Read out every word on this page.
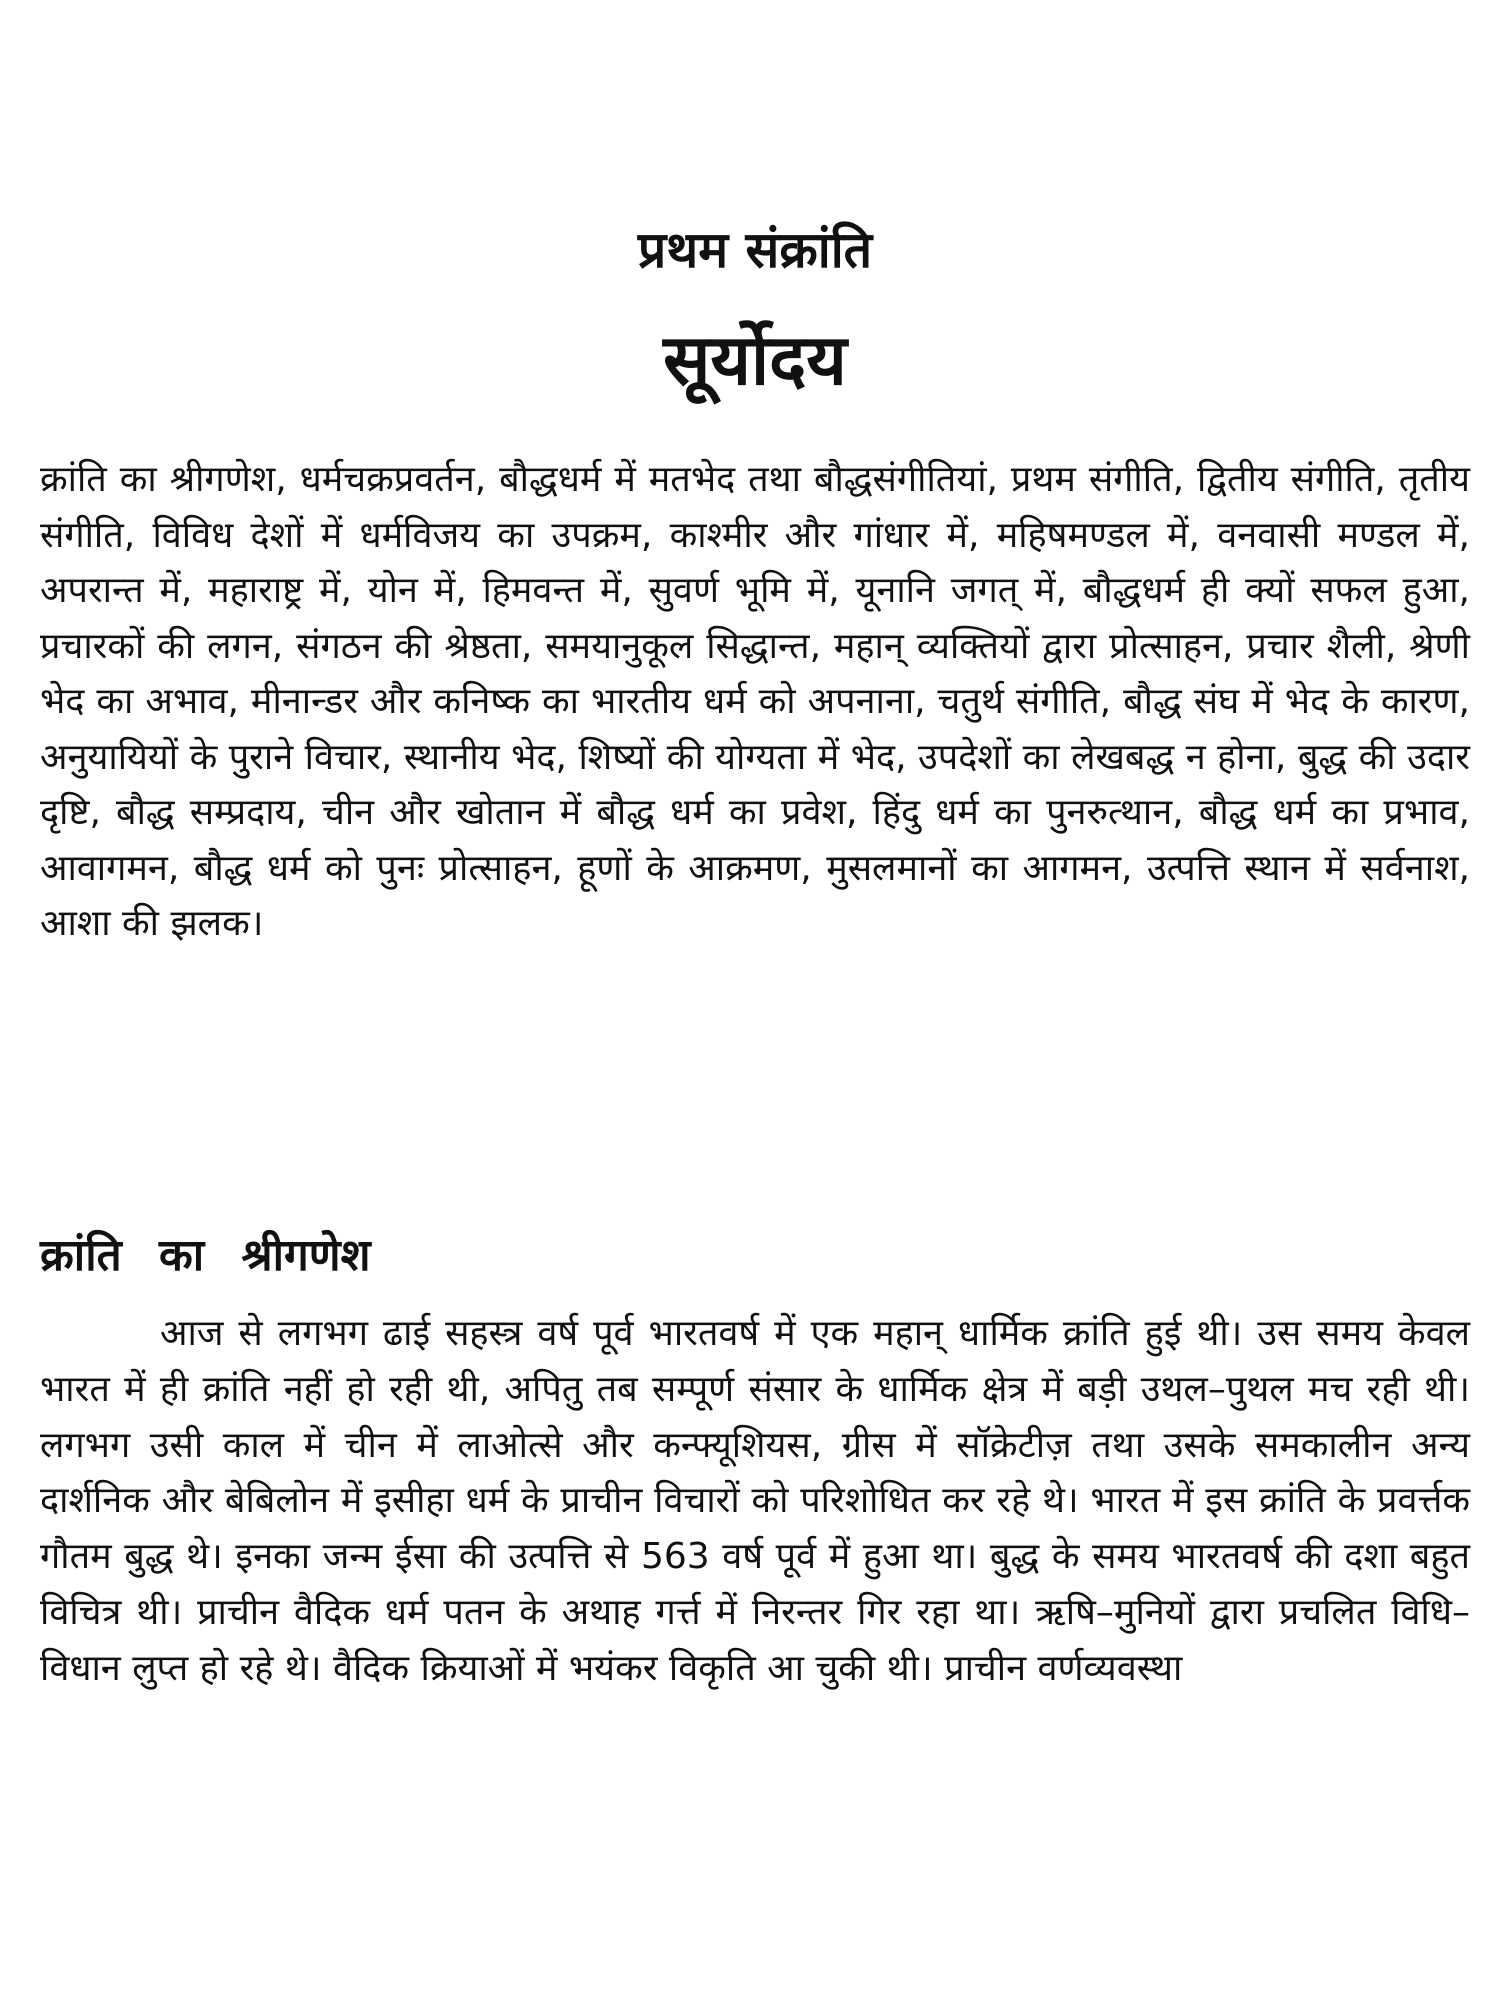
प्रथम संक्रांति
सूर्योदय

क्रांति का श्रीगणेश, धर्मचक्रप्रवर्तन, बौद्धधर्म में मतभेद तथा बौद्धसंगीतियां, प्रथम संगीति, द्वितीय संगीति, तृतीय संगीति, विविध देशों में धर्मविजय का उपक्रम, काश्मीर और गांधार में, महिषमण्डल में, वनवासी मण्डल में, अपरान्त में, महाराष्ट्र में, योन में, हिमवन्त में, सुवर्ण भूमि में, यूनानि जगत् में, बौद्धधर्म ही क्यों सफल हुआ, प्रचारकों की लगन, संगठन की श्रेष्ठता, समयानुकूल सिद्धान्त, महान् व्यक्तियों द्वारा प्रोत्साहन, प्रचार शैली, श्रेणी भेद का अभाव, मीनान्डर और कनिष्क का भारतीय धर्म को अपनाना, चतुर्थ संगीति, बौद्ध संघ में भेद के कारण, अनुयायियों के पुराने विचार, स्थानीय भेद, शिष्यों की योग्यता में भेद, उपदेशों का लेखबद्ध न होना, बुद्ध की उदार दृष्टि, बौद्ध सम्प्रदाय, चीन और खोतान में बौद्ध धर्म का प्रवेश, हिंदु धर्म का पुनरुत्थान, बौद्ध धर्म का प्रभाव, आवागमन, बौद्ध धर्म को पुनः प्रोत्साहन, हूणों के आक्रमण, मुसलमानों का आगमन, उत्पत्ति स्थान में सर्वनाश, आशा की झलक।

क्रांति का श्रीगणेश

आज से लगभग ढाई सहस्त्र वर्ष पूर्व भारतवर्ष में एक महान् धार्मिक क्रांति हुई थी। उस समय केवल भारत में ही क्रांति नहीं हो रही थी, अपितु तब सम्पूर्ण संसार के धार्मिक क्षेत्र में बड़ी उथल–पुथल मच रही थी। लगभग उसी काल में चीन में लाओत्से और कन्फ्यूशियस, ग्रीस में सॉक्रेटीज़ तथा उसके समकालीन अन्य दार्शनिक और बेबिलोन में इसीहा धर्म के प्राचीन विचारों को परिशोधित कर रहे थे। भारत में इस क्रांति के प्रवर्त्तक गौतम बुद्ध थे। इनका जन्म ईसा की उत्पत्ति से 563 वर्ष पूर्व में हुआ था। बुद्ध के समय भारतवर्ष की दशा बहुत विचित्र थी। प्राचीन वैदिक धर्म पतन के अथाह गर्त्त में निरन्तर गिर रहा था। ऋषि–मुनियों द्वारा प्रचलित विधि–विधान लुप्त हो रहे थे। वैदिक क्रियाओं में भयंकर विकृति आ चुकी थी। प्राचीन वर्णव्यवस्था
